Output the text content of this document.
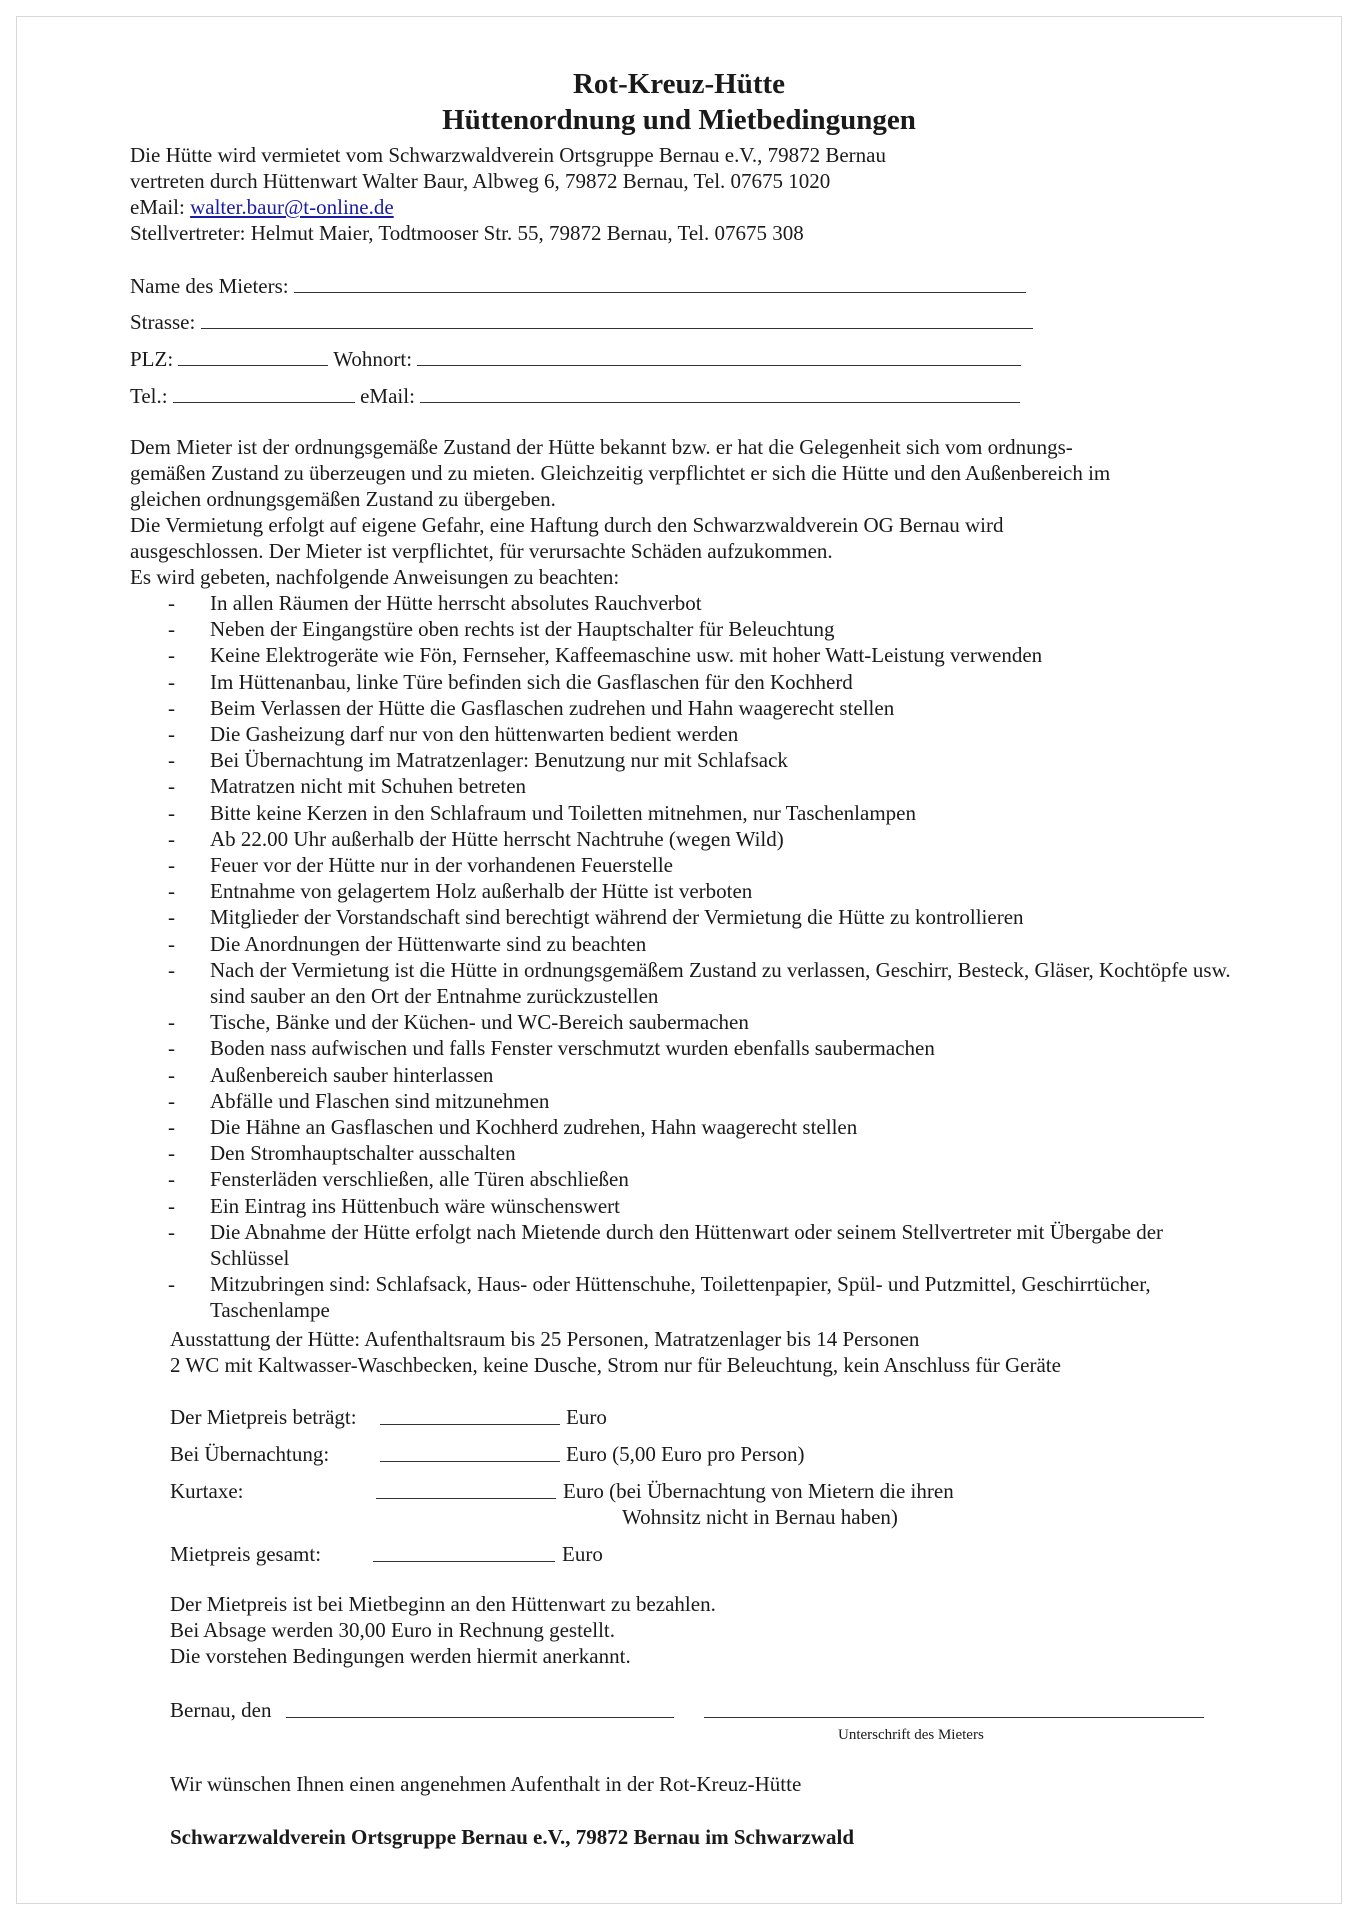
Rot-Kreuz-Hütte
Hüttenordnung und Mietbedingungen
Die Hütte wird vermietet vom Schwarzwaldverein Ortsgruppe Bernau e.V., 79872 Bernau
vertreten durch Hüttenwart Walter Baur, Albweg 6, 79872 Bernau, Tel. 07675 1020
eMail: walter.baur@t-online.de
Stellvertreter: Helmut Maier, Todtmooser Str. 55, 79872 Bernau, Tel. 07675 308
Name des Mieters:
Strasse:
PLZ:	Wohnort:
Tel.:	eMail:
Dem Mieter ist der ordnungsgemäße Zustand der Hütte bekannt bzw. er hat die Gelegenheit sich vom ordnungs-
gemäßen Zustand zu überzeugen und zu mieten. Gleichzeitig verpflichtet er sich die Hütte und den Außenbereich im
gleichen ordnungsgemäßen Zustand zu übergeben.
Die Vermietung erfolgt auf eigene Gefahr, eine Haftung durch den Schwarzwaldverein OG Bernau wird
ausgeschlossen. Der Mieter ist verpflichtet, für verursachte Schäden aufzukommen.
Es wird gebeten, nachfolgende Anweisungen zu beachten:
- In allen Räumen der Hütte herrscht absolutes Rauchverbot
- Neben der Eingangstüre oben rechts ist der Hauptschalter für Beleuchtung
- Keine Elektrogeräte wie Fön, Fernseher, Kaffeemaschine usw. mit hoher Watt-Leistung verwenden
- Im Hüttenanbau, linke Türe befinden sich die Gasflaschen für den Kochherd
- Beim Verlassen der Hütte die Gasflaschen zudrehen und Hahn waagerecht stellen
- Die Gasheizung darf nur von den hüttenwarten bedient werden
- Bei Übernachtung im Matratzenlager: Benutzung nur mit Schlafsack
- Matratzen nicht mit Schuhen betreten
- Bitte keine Kerzen in den Schlafraum und Toiletten mitnehmen, nur Taschenlampen
- Ab 22.00 Uhr außerhalb der Hütte herrscht Nachtruhe (wegen Wild)
- Feuer vor der Hütte nur in der vorhandenen Feuerstelle
- Entnahme von gelagertem Holz außerhalb der Hütte ist verboten
- Mitglieder der Vorstandschaft sind berechtigt während der Vermietung die Hütte zu kontrollieren
- Die Anordnungen der Hüttenwarte sind zu beachten
- Nach der Vermietung ist die Hütte in ordnungsgemäßem Zustand zu verlassen, Geschirr, Besteck, Gläser, Kochtöpfe usw. sind sauber an den Ort der Entnahme zurückzustellen
- Tische, Bänke und der Küchen- und WC-Bereich saubermachen
- Boden nass aufwischen und falls Fenster verschmutzt wurden ebenfalls saubermachen
- Außenbereich sauber hinterlassen
- Abfälle und Flaschen sind mitzunehmen
- Die Hähne an Gasflaschen und Kochherd zudrehen, Hahn waagerecht stellen
- Den Stromhauptschalter ausschalten
- Fensterläden verschließen, alle Türen abschließen
- Ein Eintrag ins Hüttenbuch wäre wünschenswert
- Die Abnahme der Hütte erfolgt nach Mietende durch den Hüttenwart oder seinem Stellvertreter mit Übergabe der Schlüssel
- Mitzubringen sind: Schlafsack, Haus- oder Hüttenschuhe, Toilettenpapier, Spül- und Putzmittel, Geschirrtücher, Taschenlampe
Ausstattung der Hütte: Aufenthaltsraum bis 25 Personen, Matratzenlager bis 14 Personen
2 WC mit Kaltwasser-Waschbecken, keine Dusche, Strom nur für Beleuchtung, kein Anschluss für Geräte
Der Mietpreis beträgt:	Euro
Bei Übernachtung:	Euro (5,00 Euro pro Person)
Kurtaxe:	Euro (bei Übernachtung von Mietern die ihren
Wohnsitz nicht in Bernau haben)
Mietpreis gesamt:	Euro
Der Mietpreis ist bei Mietbeginn an den Hüttenwart zu bezahlen.
Bei Absage werden 30,00 Euro in Rechnung gestellt.
Die vorstehen Bedingungen werden hiermit anerkannt.
Bernau, den
Unterschrift des Mieters
Wir wünschen Ihnen einen angenehmen Aufenthalt in der Rot-Kreuz-Hütte
Schwarzwaldverein Ortsgruppe Bernau e.V., 79872 Bernau im Schwarzwald
